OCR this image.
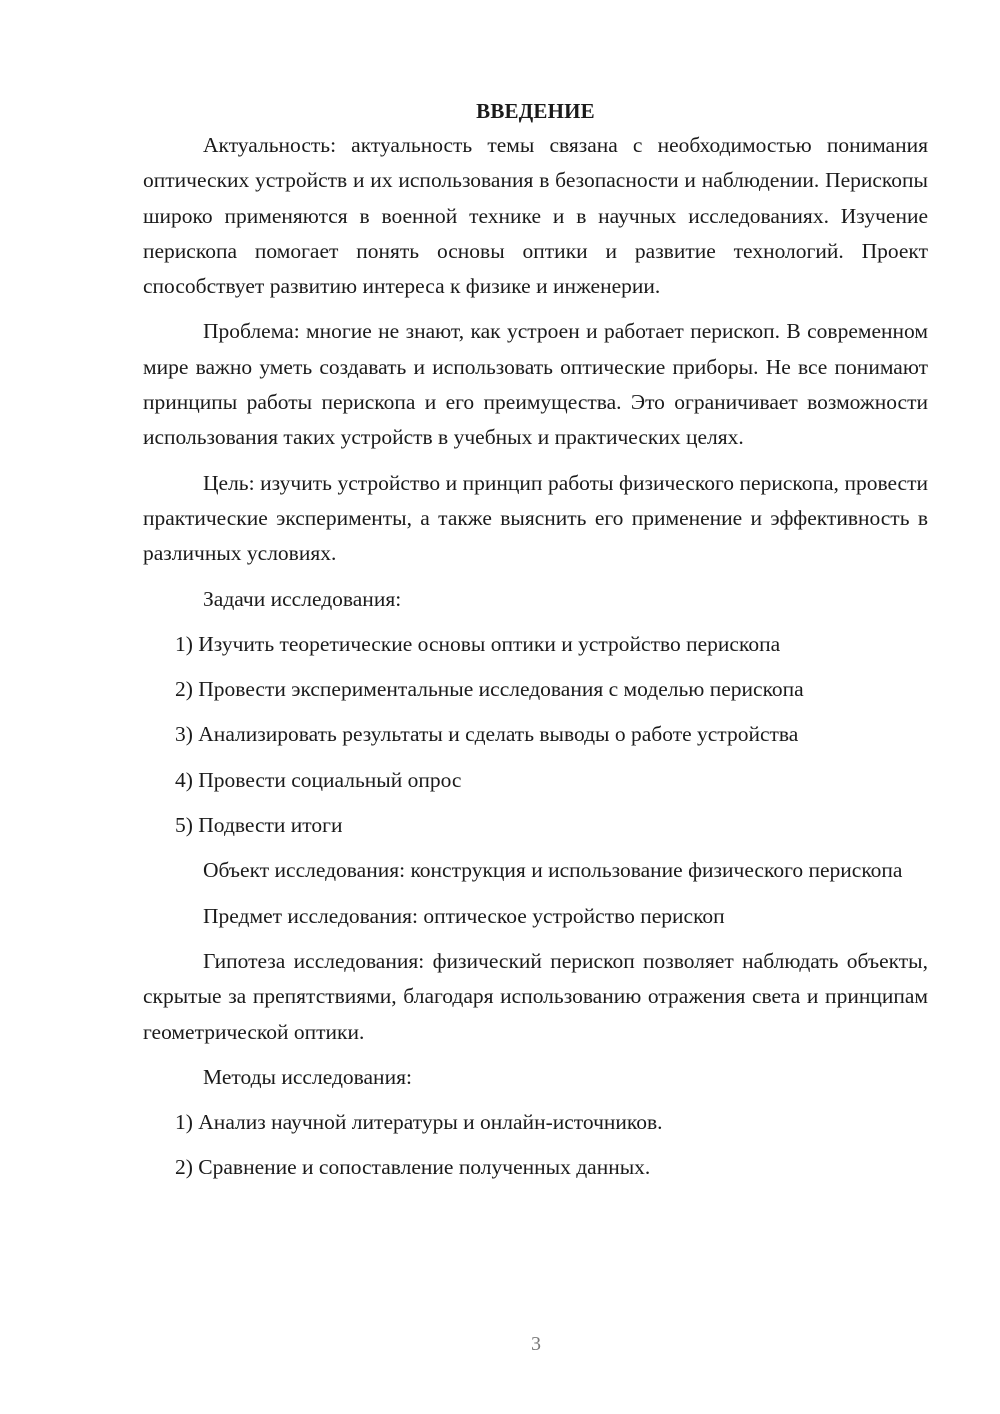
ВВЕДЕНИЕ

Актуальность: актуальность темы связана с необходимостью понимания оптических устройств и их использования в безопасности и наблюдении. Перископы широко применяются в военной технике и в научных исследованиях. Изучение перископа помогает понять основы оптики и развитие технологий. Проект способствует развитию интереса к физике и инженерии.

Проблема: многие не знают, как устроен и работает перископ. В современном мире важно уметь создавать и использовать оптические приборы. Не все понимают принципы работы перископа и его преимущества. Это ограничивает возможности использования таких устройств в учебных и практических целях.

Цель: изучить устройство и принцип работы физического перископа, провести практические эксперименты, а также выяснить его применение и эффективность в различных условиях.

Задачи исследования:
1) Изучить теоретические основы оптики и устройство перископа
2) Провести экспериментальные исследования с моделью перископа
3) Анализировать результаты и сделать выводы о работе устройства
4) Провести социальный опрос
5) Подвести итоги

Объект исследования: конструкция и использование физического перископа

Предмет исследования: оптическое устройство перископ

Гипотеза исследования: физический перископ позволяет наблюдать объекты, скрытые за препятствиями, благодаря использованию отражения света и принципам геометрической оптики.

Методы исследования:
1) Анализ научной литературы и онлайн-источников.
2) Сравнение и сопоставление полученных данных.
3
